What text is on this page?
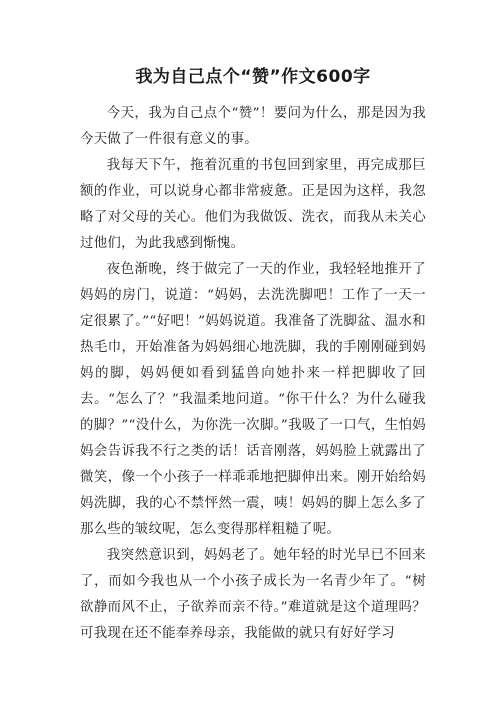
我为自己点个“赞”作文600字

今天，我为自己点个“赞”！要问为什么，那是因为我今天做了一件很有意义的事。

我每天下午，拖着沉重的书包回到家里，再完成那巨额的作业，可以说身心都非常疲惫。正是因为这样，我忽略了对父母的关心。他们为我做饭、洗衣，而我从未关心过他们，为此我感到惭愧。

夜色渐晚，终于做完了一天的作业，我轻轻地推开了妈妈的房门，说道：“妈妈，去洗洗脚吧！工作了一天一定很累了。”“好吧！”妈妈说道。我准备了洗脚盆、温水和热毛巾，开始准备为妈妈细心地洗脚，我的手刚刚碰到妈妈的脚，妈妈便如看到猛兽向她扑来一样把脚收了回去。“怎么了？”我温柔地问道。“你干什么？为什么碰我的脚？”“没什么，为你洗一次脚。”我吸了一口气，生怕妈妈会告诉我不行之类的话！话音刚落，妈妈脸上就露出了微笑，像一个小孩子一样乖乖地把脚伸出来。刚开始给妈妈洗脚，我的心不禁怦然一震，咦！妈妈的脚上怎么多了那么些的皱纹呢，怎么变得那样粗糙了呢。

我突然意识到，妈妈老了。她年轻的时光早已不回来了，而如今我也从一个小孩子成长为一名青少年了。“树欲静而风不止，子欲养而亲不待。”难道就是这个道理吗？可我现在还不能奉养母亲，我能做的就只有好好学习
